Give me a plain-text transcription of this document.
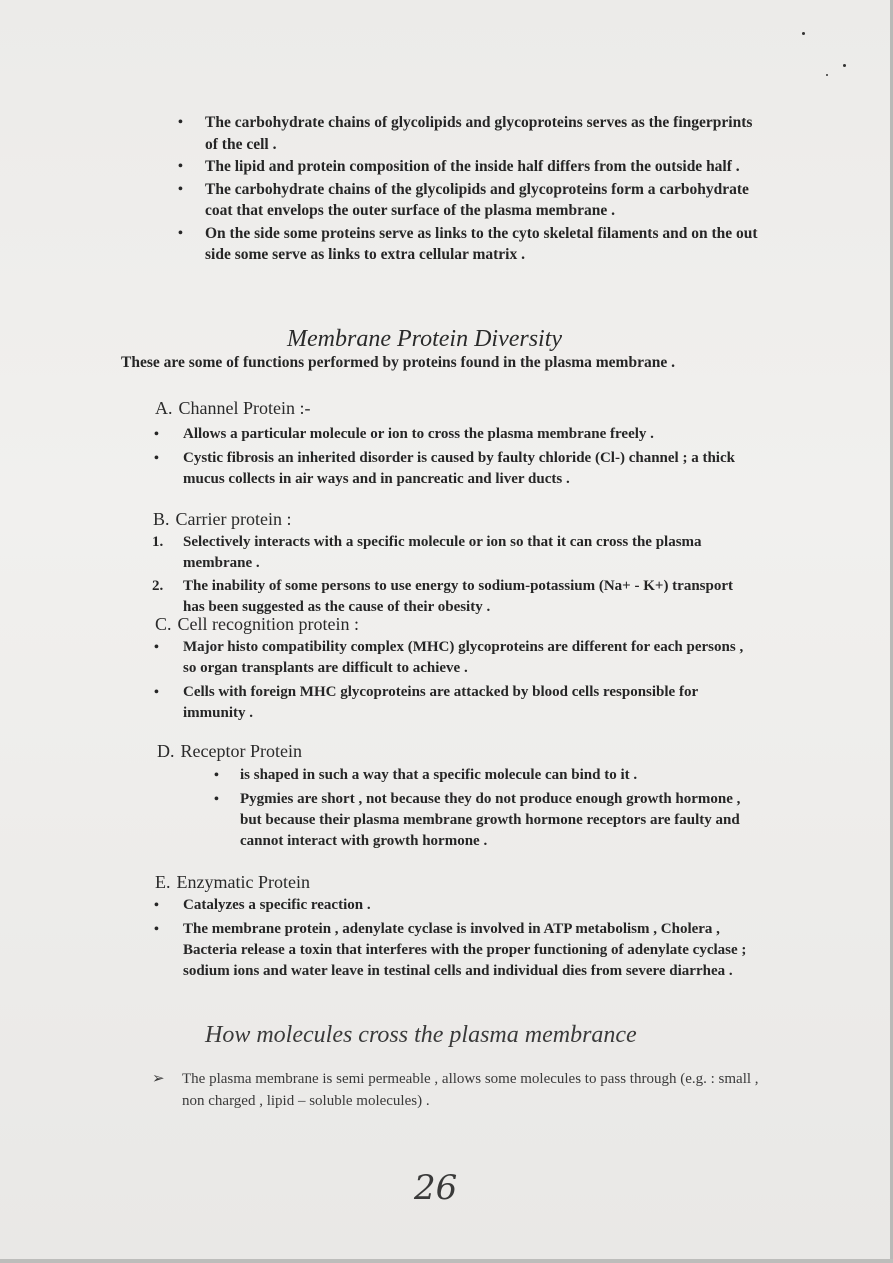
• The carbohydrate chains of glycolipids and glycoproteins serves as the fingerprints of the cell .
• The lipid and protein composition of the inside half differs from the outside half .
• The carbohydrate chains of the glycolipids and glycoproteins form a carbohydrate coat that envelops the outer surface of the plasma membrane .
• On the side some proteins serve as links to the cyto skeletal filaments and on the out side some serve as links to extra cellular matrix .
Membrane Protein Diversity
These are some of functions performed by proteins found in the plasma membrane .
A. Channel Protein :-
• Allows a particular molecule or ion to cross the plasma membrane freely .
• Cystic fibrosis an inherited disorder is caused by faulty chloride (Cl-) channel ; a thick mucus collects in air ways and in pancreatic and liver ducts .
B. Carrier protein :
1. Selectively interacts with a specific molecule or ion so that it can cross the plasma membrane .
2. The inability of some persons to use energy to sodium-potassium (Na+ - K+) transport has been suggested as the cause of their obesity .
C. Cell recognition protein :
• Major histo compatibility complex (MHC) glycoproteins are different for each persons , so organ transplants are difficult to achieve .
• Cells with foreign MHC glycoproteins are attacked by blood cells responsible for immunity .
D. Receptor Protein
• is shaped in such a way that a specific molecule can bind to it .
• Pygmies are short , not because they do not produce enough growth hormone , but because their plasma membrane growth hormone receptors are faulty and cannot interact with growth hormone .
E. Enzymatic Protein
• Catalyzes a specific reaction .
• The membrane protein , adenylate cyclase is involved in ATP metabolism , Cholera , Bacteria release a toxin that interferes with the proper functioning of adenylate cyclase ; sodium ions and water leave in testinal cells and individual dies from severe diarrhea .
How molecules cross the plasma membrance
➢	The plasma membrane is semi permeable , allows some molecules to pass through (e.g. : small , non charged , lipid – soluble molecules) .
26
